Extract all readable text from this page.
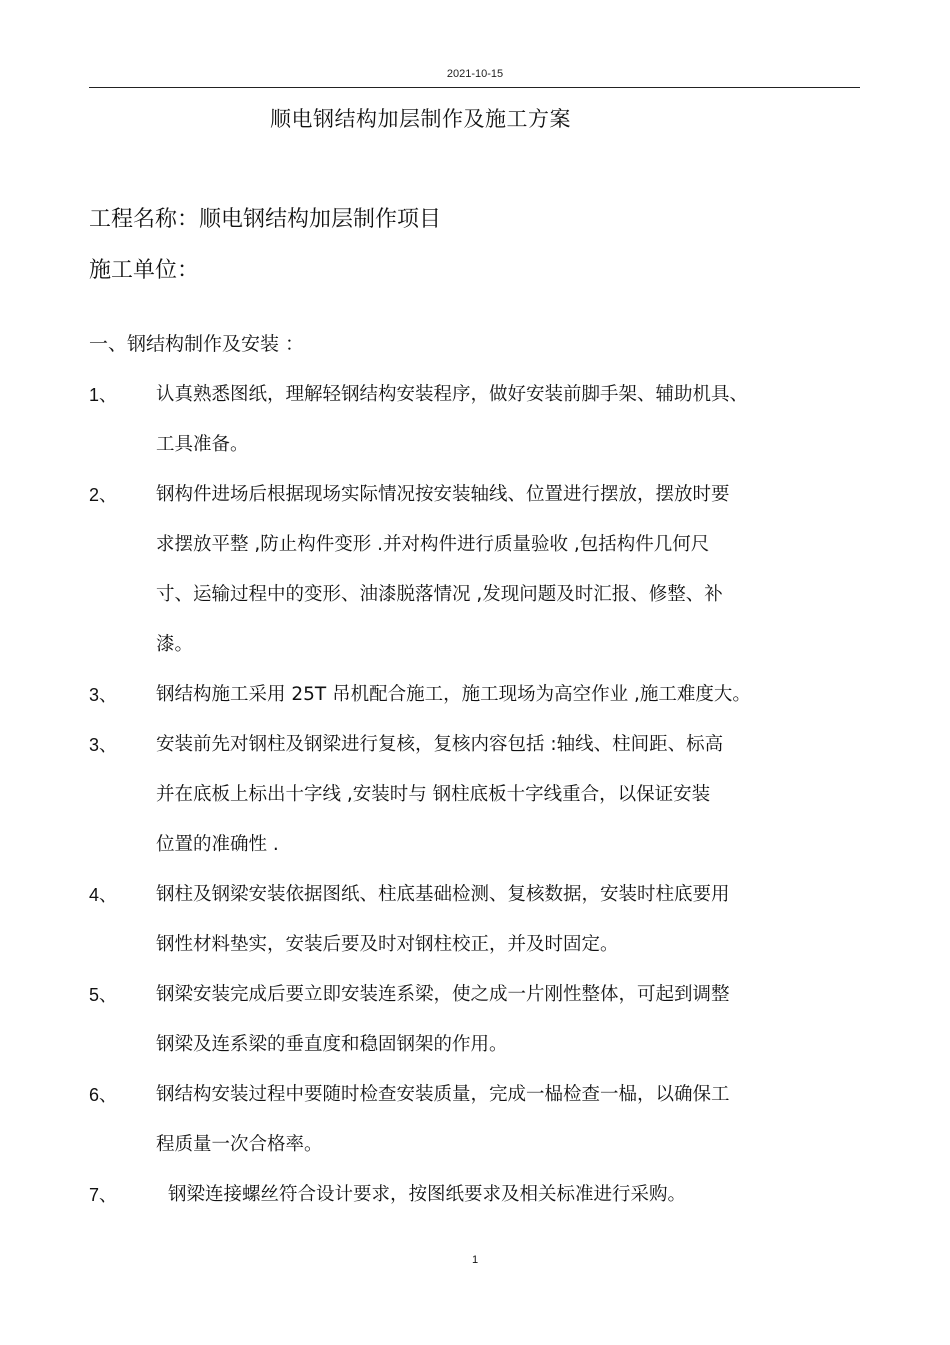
2021-10-15
顺电钢结构加层制作及施工方案
工程名称：顺电钢结构加层制作项目
施工单位：
一、钢结构制作及安装 ：
1、 认真熟悉图纸，理解轻钢结构安装程序，做好安装前脚手架、辅助机具、
工具准备。
2、 钢构件进场后根据现场实际情况按安装轴线、位置进行摆放，摆放时要
求摆放平整 ,防止构件变形 .并对构件进行质量验收 ,包括构件几何尺
寸、运输过程中的变形、油漆脱落情况 ,发现问题及时汇报、修整、补
漆。
3、 钢结构施工采用 25T 吊机配合施工，施工现场为高空作业 ,施工难度大。
3、 安装前先对钢柱及钢梁进行复核，复核内容包括 :轴线、柱间距、标高
并在底板上标出十字线 ,安装时与 钢柱底板十字线重合，以保证安装
位置的准确性 .
4、 钢柱及钢梁安装依据图纸、柱底基础检测、复核数据，安装时柱底要用
钢性材料垫实，安装后要及时对钢柱校正，并及时固定。
5、 钢梁安装完成后要立即安装连系梁，使之成一片刚性整体，可起到调整
钢梁及连系梁的垂直度和稳固钢架的作用。
6、 钢结构安装过程中要随时检查安装质量，完成一榀检查一榀，以确保工
程质量一次合格率。
7、	钢梁连接螺丝符合设计要求，按图纸要求及相关标准进行采购。
1
